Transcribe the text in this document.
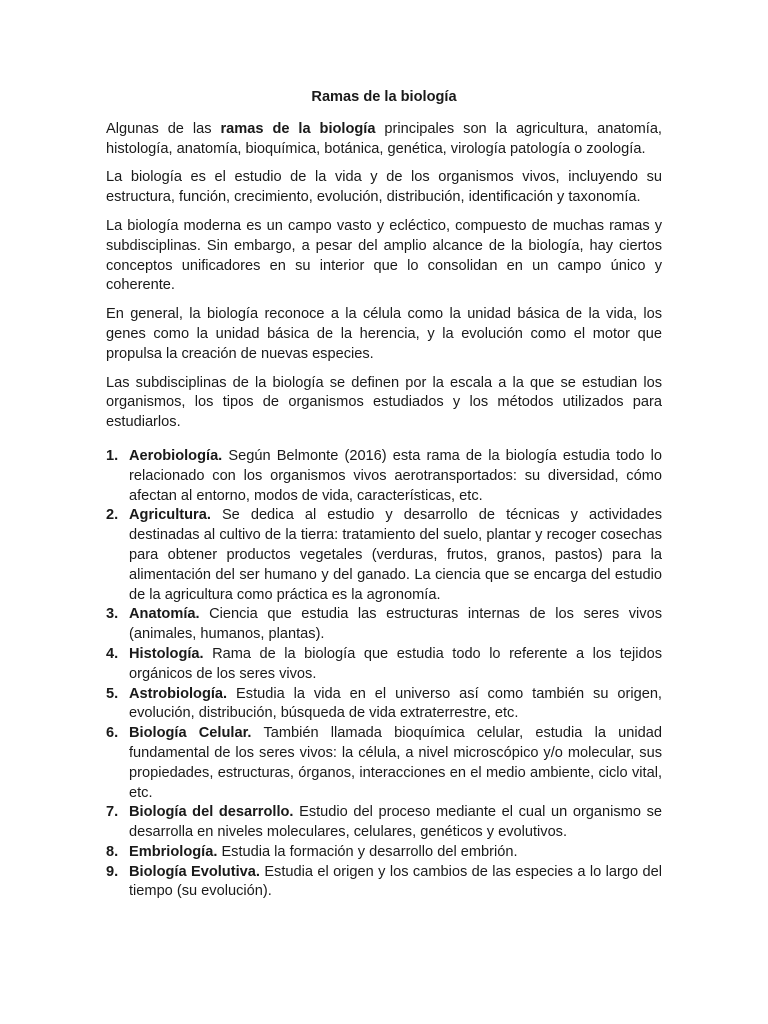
Ramas de la biología

Algunas de las ramas de la biología principales son la agricultura, anatomía, histología, anatomía, bioquímica, botánica, genética, virología patología o zoología.

La biología es el estudio de la vida y de los organismos vivos, incluyendo su estructura, función, crecimiento, evolución, distribución, identificación y taxonomía.

La biología moderna es un campo vasto y ecléctico, compuesto de muchas ramas y subdisciplinas. Sin embargo, a pesar del amplio alcance de la biología, hay ciertos conceptos unificadores en su interior que lo consolidan en un campo único y coherente.

En general, la biología reconoce a la célula como la unidad básica de la vida, los genes como la unidad básica de la herencia, y la evolución como el motor que propulsa la creación de nuevas especies.

Las subdisciplinas de la biología se definen por la escala a la que se estudian los organismos, los tipos de organismos estudiados y los métodos utilizados para estudiarlos.

1. Aerobiología. Según Belmonte (2016) esta rama de la biología estudia todo lo relacionado con los organismos vivos aerotransportados: su diversidad, cómo afectan al entorno, modos de vida, características, etc.
2. Agricultura. Se dedica al estudio y desarrollo de técnicas y actividades destinadas al cultivo de la tierra: tratamiento del suelo, plantar y recoger cosechas para obtener productos vegetales (verduras, frutos, granos, pastos) para la alimentación del ser humano y del ganado. La ciencia que se encarga del estudio de la agricultura como práctica es la agronomía.
3. Anatomía. Ciencia que estudia las estructuras internas de los seres vivos (animales, humanos, plantas).
4. Histología. Rama de la biología que estudia todo lo referente a los tejidos orgánicos de los seres vivos.
5. Astrobiología. Estudia la vida en el universo así como también su origen, evolución, distribución, búsqueda de vida extraterrestre, etc.
6. Biología Celular. También llamada bioquímica celular, estudia la unidad fundamental de los seres vivos: la célula, a nivel microscópico y/o molecular, sus propiedades, estructuras, órganos, interacciones en el medio ambiente, ciclo vital, etc.
7. Biología del desarrollo. Estudio del proceso mediante el cual un organismo se desarrolla en niveles moleculares, celulares, genéticos y evolutivos.
8. Embriología. Estudia la formación y desarrollo del embrión.
9. Biología Evolutiva. Estudia el origen y los cambios de las especies a lo largo del tiempo (su evolución).
